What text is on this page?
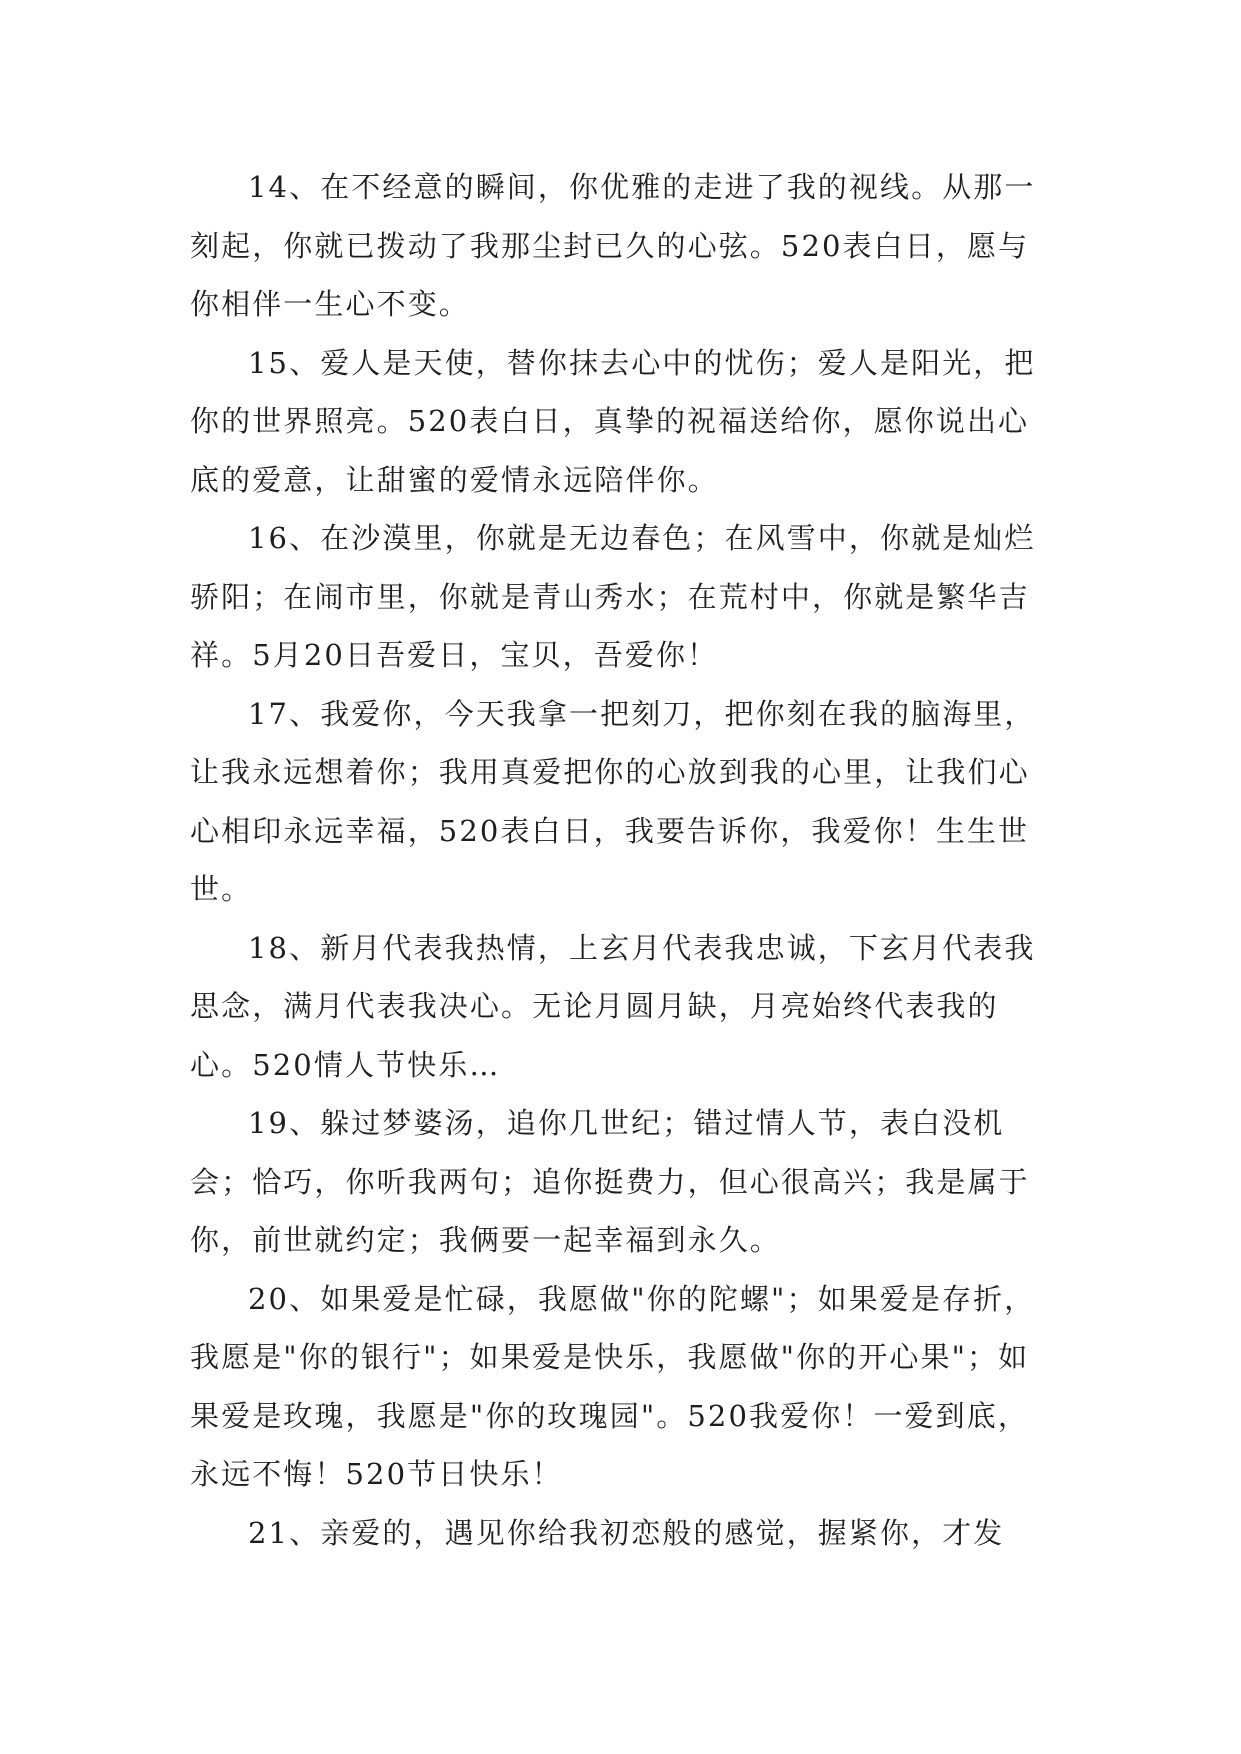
14、在不经意的瞬间，你优雅的走进了我的视线。从那一刻起，你就已拨动了我那尘封已久的心弦。520表白日，愿与你相伴一生心不变。

15、爱人是天使，替你抹去心中的忧伤；爱人是阳光，把你的世界照亮。520表白日，真挚的祝福送给你，愿你说出心底的爱意，让甜蜜的爱情永远陪伴你。

16、在沙漠里，你就是无边春色；在风雪中，你就是灿烂骄阳；在闹市里，你就是青山秀水；在荒村中，你就是繁华吉祥。5月20日吾爱日，宝贝，吾爱你！

17、我爱你，今天我拿一把刻刀，把你刻在我的脑海里，让我永远想着你；我用真爱把你的心放到我的心里，让我们心心相印永远幸福，520表白日，我要告诉你，我爱你！生生世世。

18、新月代表我热情，上玄月代表我忠诚，下玄月代表我思念，满月代表我决心。无论月圆月缺，月亮始终代表我的心。520情人节快乐…

19、躲过梦婆汤，追你几世纪；错过情人节，表白没机会；恰巧，你听我两句；追你挺费力，但心很高兴；我是属于你，前世就约定；我俩要一起幸福到永久。

20、如果爱是忙碌，我愿做"你的陀螺"；如果爱是存折，我愿是"你的银行"；如果爱是快乐，我愿做"你的开心果"；如果爱是玫瑰，我愿是"你的玫瑰园"。520我爱你！一爱到底，永远不悔！520节日快乐！

21、亲爱的，遇见你给我初恋般的感觉，握紧你，才发
